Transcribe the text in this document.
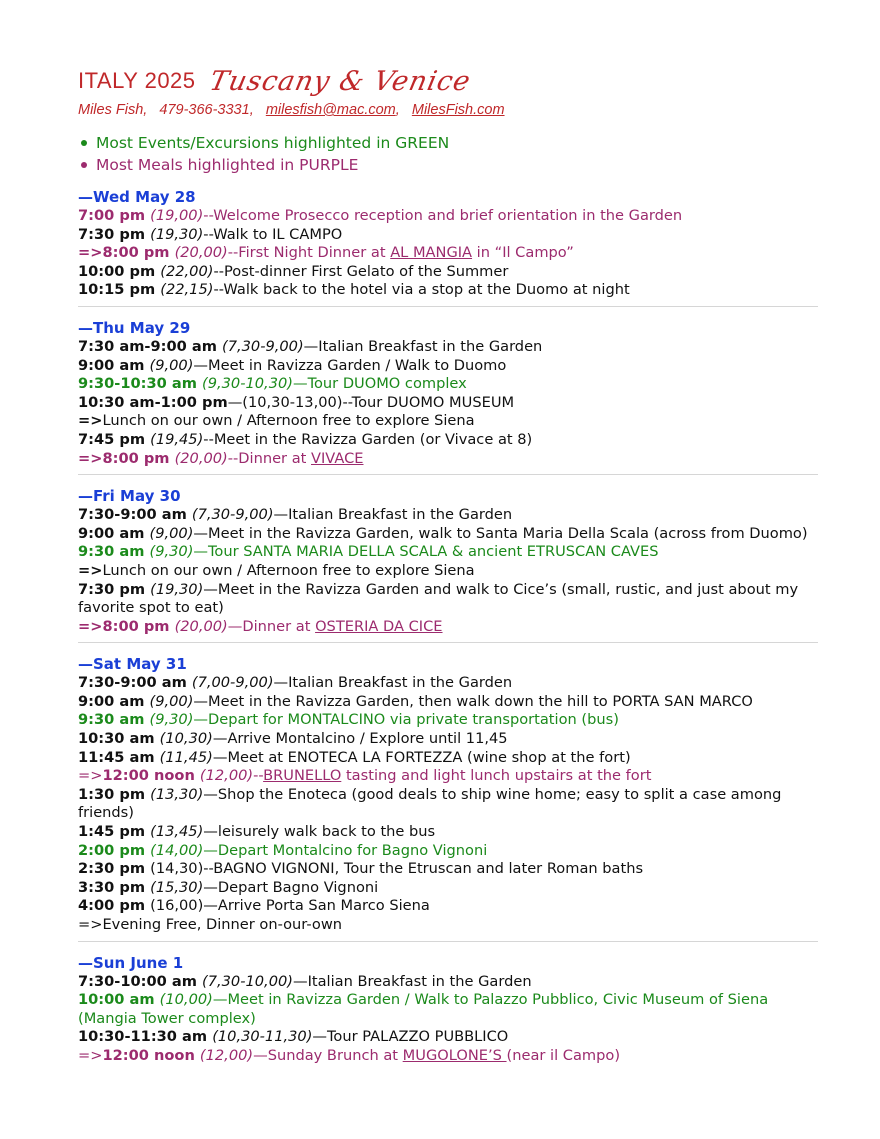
ITALY 2025 Tuscany & Venice
Miles Fish, 479-366-3331, milesfish@mac.com, MilesFish.com
Most Events/Excursions highlighted in GREEN
Most Meals highlighted in PURPLE
—Wed May 28
7:00 pm (19,00)--Welcome Prosecco reception and brief orientation in the Garden
7:30 pm (19,30)--Walk to IL CAMPO
=>8:00 pm (20,00)--First Night Dinner at AL MANGIA in “Il Campo”
10:00 pm (22,00)--Post-dinner First Gelato of the Summer
10:15 pm (22,15)--Walk back to the hotel via a stop at the Duomo at night
—Thu May 29
7:30 am-9:00 am (7,30-9,00)—Italian Breakfast in the Garden
9:00 am (9,00)—Meet in Ravizza Garden / Walk to Duomo
9:30-10:30 am (9,30-10,30)—Tour DUOMO complex
10:30 am-1:00 pm—(10,30-13,00)--Tour DUOMO MUSEUM
=>Lunch on our own / Afternoon free to explore Siena
7:45 pm (19,45)--Meet in the Ravizza Garden (or Vivace at 8)
=>8:00 pm (20,00)--Dinner at VIVACE
—Fri May 30
7:30-9:00 am (7,30-9,00)—Italian Breakfast in the Garden
9:00 am (9,00)—Meet in the Ravizza Garden, walk to Santa Maria Della Scala (across from Duomo)
9:30 am (9,30)—Tour SANTA MARIA DELLA SCALA & ancient ETRUSCAN CAVES
=>Lunch on our own / Afternoon free to explore Siena
7:30 pm (19,30)—Meet in the Ravizza Garden and walk to Cice’s (small, rustic, and just about my favorite spot to eat)
=>8:00 pm (20,00)—Dinner at OSTERIA DA CICE
—Sat May 31
7:30-9:00 am (7,00-9,00)—Italian Breakfast in the Garden
9:00 am (9,00)—Meet in the Ravizza Garden, then walk down the hill to PORTA SAN MARCO
9:30 am (9,30)—Depart for MONTALCINO via private transportation (bus)
10:30 am (10,30)—Arrive Montalcino / Explore until 11,45
11:45 am (11,45)—Meet at ENOTECA LA FORTEZZA (wine shop at the fort)
=>12:00 noon (12,00)--BRUNELLO tasting and light lunch upstairs at the fort
1:30 pm (13,30)—Shop the Enoteca (good deals to ship wine home; easy to split a case among friends)
1:45 pm (13,45)—leisurely walk back to the bus
2:00 pm (14,00)—Depart Montalcino for Bagno Vignoni
2:30 pm (14,30)--BAGNO VIGNONI, Tour the Etruscan and later Roman baths
3:30 pm (15,30)—Depart Bagno Vignoni
4:00 pm (16,00)—Arrive Porta San Marco Siena
=>Evening Free, Dinner on-our-own
—Sun June 1
7:30-10:00 am (7,30-10,00)—Italian Breakfast in the Garden
10:00 am (10,00)—Meet in Ravizza Garden / Walk to Palazzo Pubblico, Civic Museum of Siena (Mangia Tower complex)
10:30-11:30 am (10,30-11,30)—Tour PALAZZO PUBBLICO
=>12:00 noon (12,00)—Sunday Brunch at MUGOLONE’S (near il Campo)
